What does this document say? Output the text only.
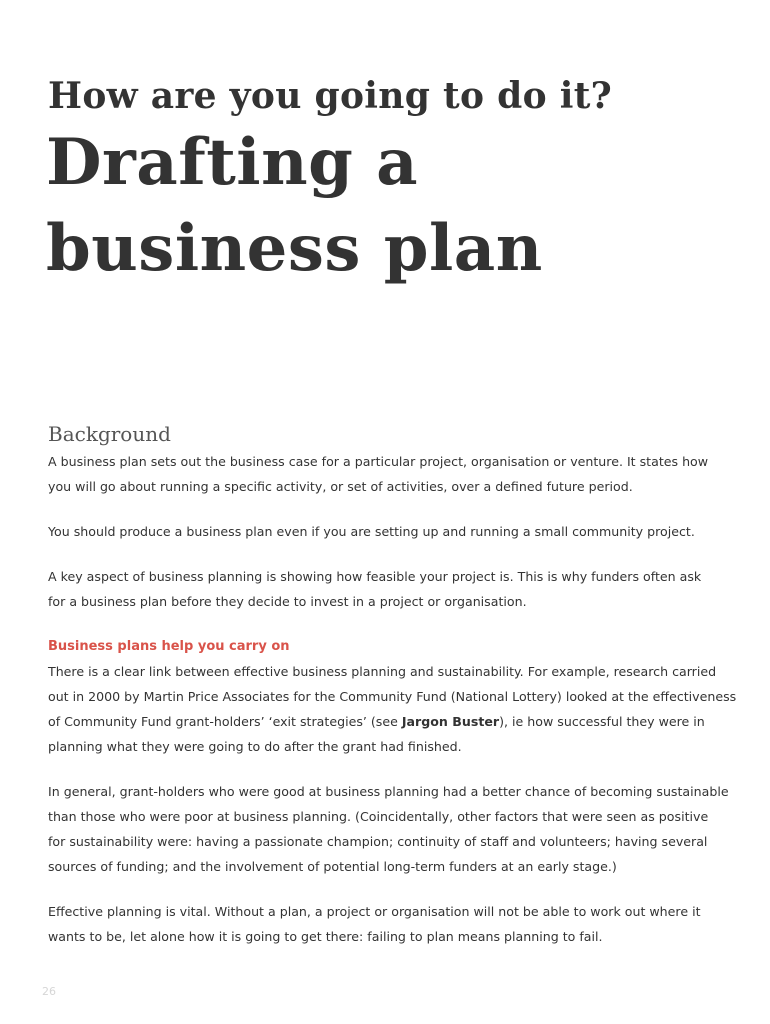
How are you going to do it?
Drafting a
business plan
Background

A business plan sets out the business case for a particular project, organisation or venture. It states how
you will go about running a specific activity, or set of activities, over a defined future period.

You should produce a business plan even if you are setting up and running a small community project.

A key aspect of business planning is showing how feasible your project is. This is why funders often ask
for a business plan before they decide to invest in a project or organisation.

Business plans help you carry on

There is a clear link between effective business planning and sustainability. For example, research carried
out in 2000 by Martin Price Associates for the Community Fund (National Lottery) looked at the effectiveness
of Community Fund grant-holders’ ‘exit strategies’ (see Jargon Buster), ie how successful they were in
planning what they were going to do after the grant had finished.

In general, grant-holders who were good at business planning had a better chance of becoming sustainable
than those who were poor at business planning. (Coincidentally, other factors that were seen as positive
for sustainability were: having a passionate champion; continuity of staff and volunteers; having several
sources of funding; and the involvement of potential long-term funders at an early stage.)

Effective planning is vital. Without a plan, a project or organisation will not be able to work out where it
wants to be, let alone how it is going to get there: failing to plan means planning to fail.

26
